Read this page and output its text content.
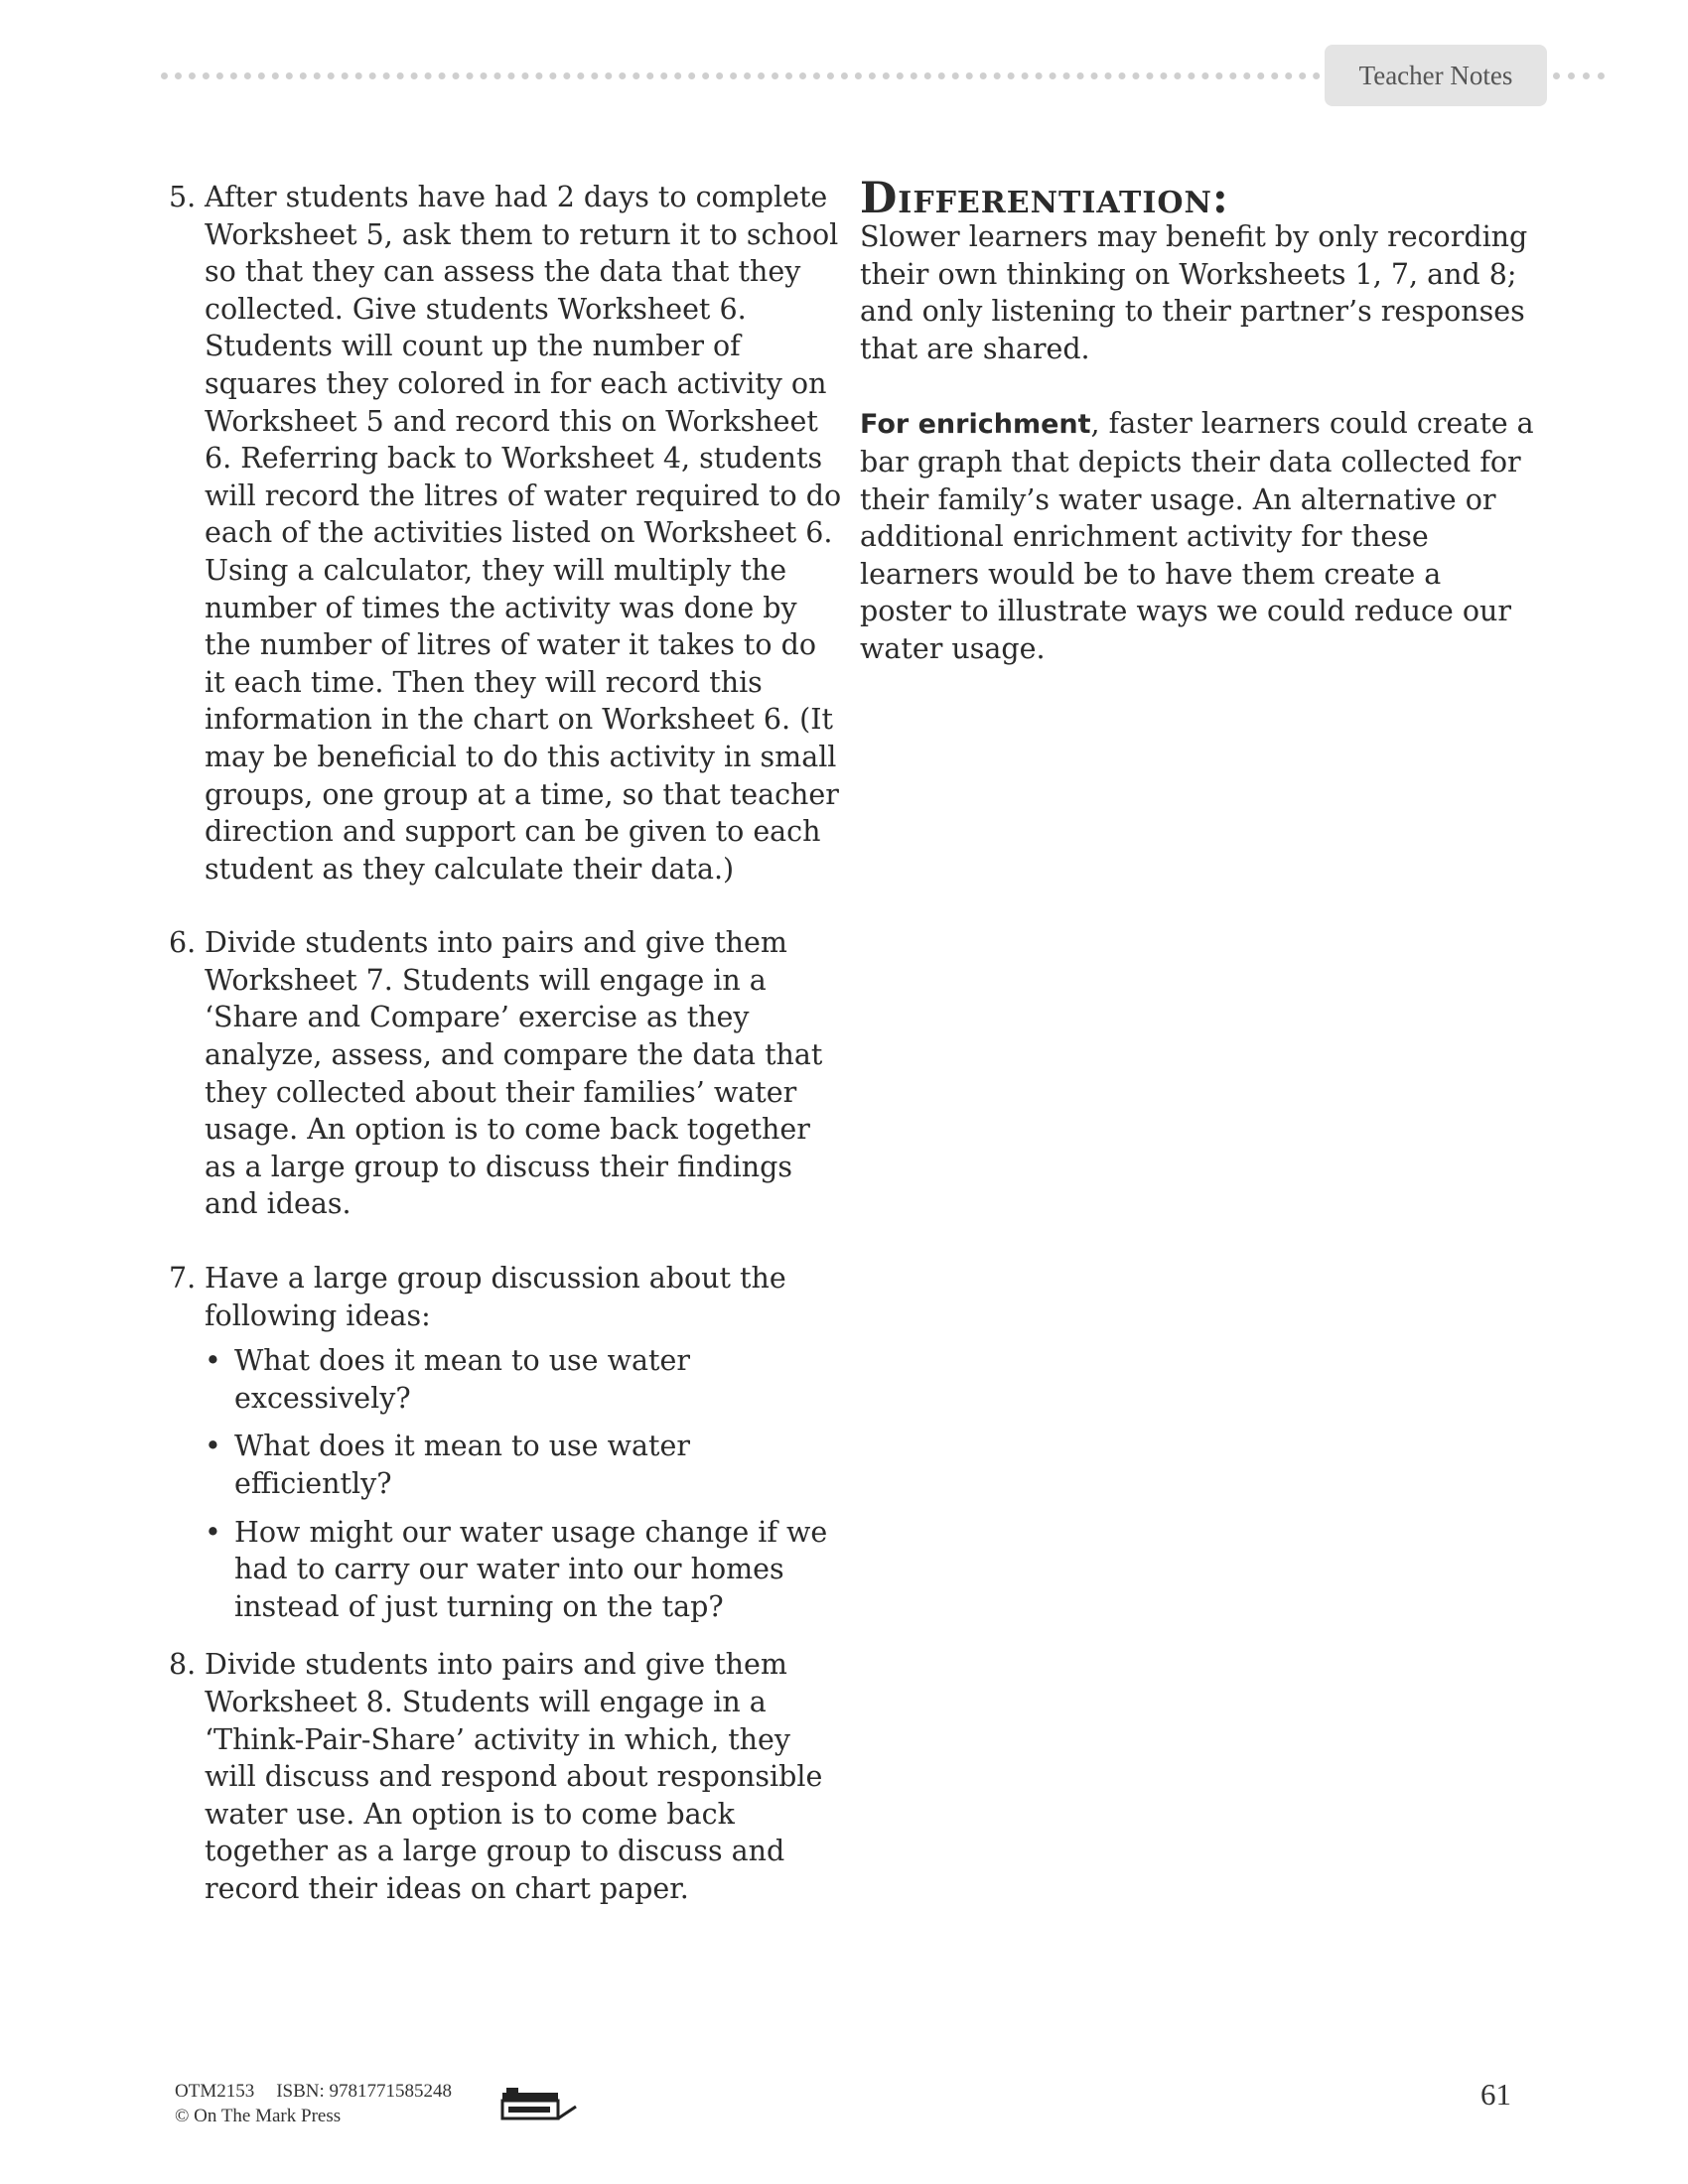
Teacher Notes
5. After students have had 2 days to complete Worksheet 5, ask them to return it to school so that they can assess the data that they collected. Give students Worksheet 6. Students will count up the number of squares they colored in for each activity on Worksheet 5 and record this on Worksheet 6. Referring back to Worksheet 4, students will record the litres of water required to do each of the activities listed on Worksheet 6. Using a calculator, they will multiply the number of times the activity was done by the number of litres of water it takes to do it each time. Then they will record this information in the chart on Worksheet 6. (It may be beneficial to do this activity in small groups, one group at a time, so that teacher direction and support can be given to each student as they calculate their data.)
6. Divide students into pairs and give them Worksheet 7. Students will engage in a ‘Share and Compare’ exercise as they analyze, assess, and compare the data that they collected about their families’ water usage. An option is to come back together as a large group to discuss their findings and ideas.
7. Have a large group discussion about the following ideas:
• What does it mean to use water excessively?
• What does it mean to use water efficiently?
• How might our water usage change if we had to carry our water into our homes instead of just turning on the tap?
8. Divide students into pairs and give them Worksheet 8. Students will engage in a ‘Think-Pair-Share’ activity in which, they will discuss and respond about responsible water use. An option is to come back together as a large group to discuss and record their ideas on chart paper.
Differentiation:

Slower learners may benefit by only recording their own thinking on Worksheets 1, 7, and 8; and only listening to their partner’s responses that are shared.

For enrichment, faster learners could create a bar graph that depicts their data collected for their family’s water usage. An alternative or additional enrichment activity for these learners would be to have them create a poster to illustrate ways we could reduce our water usage.

OTM2153 ISBN: 9781771585248
© On The Mark Press
61
